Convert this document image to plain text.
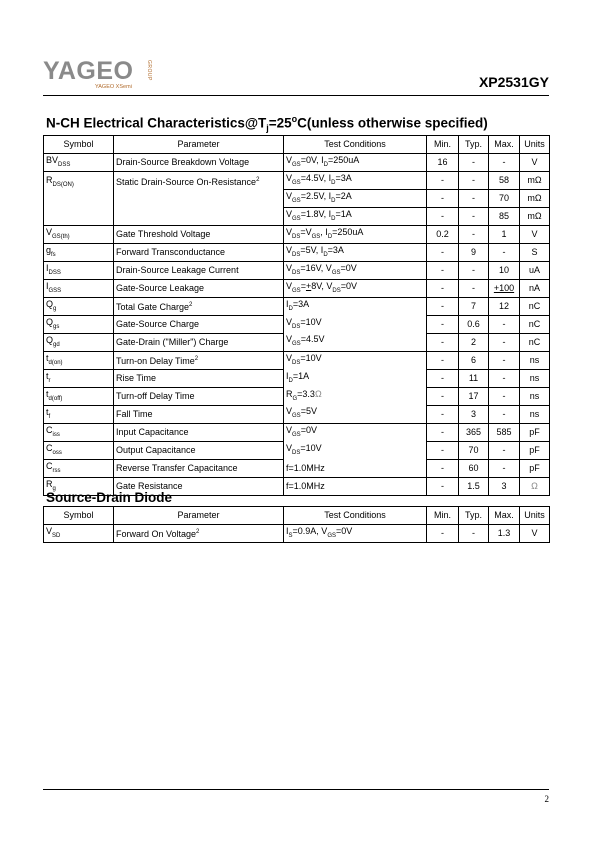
YAGEO GROUP
YAGEO XSemi	XP2531GY
N-CH Electrical $Characteristics@T_j=25^oC(unless$ otherwise specified)
Symbol	Parameter	Test Conditions	Min.	Typ.	Max.	Units
$BV_{DSS}$	Drain-Source Breakdown Voltage	$V_{GS}=0V$, $I_D=250uA$	16	-	-	V
$R_{DS(ON)}$	Static Drain-Source On-Resistance$^2$	$V_{GS}=4.5V$, $I_D=3A$	-	-	58	mΩ
		$V_{GS}=2.5V$, $I_D=2A$	-	-	70	mΩ
		$V_{GS}=1.8V$, $I_D=1A$	-	-	85	mΩ
$V_{GS(th)}$	Gate Threshold Voltage	$V_{DS}=V_{GS}$, $I_D=250uA$	0.2	-	1	V
$g_{fs}$	Forward Transconductance	$V_{DS}=5V$, $I_D=3A$	-	9	-	S
$I_{DSS}$	Drain-Source Leakage Current	$V_{DS}=16V$, $V_{GS}=0V$	-	-	10	uA
$I_{GSS}$	Gate-Source Leakage	$V_{GS}=+8V$, $V_{DS}=0V$	-	-	+100	nA
$Q_g$	Total Gate Charge$^2$	$I_D=3A$	-	7	12	nC
$Q_{gs}$	Gate-Source Charge	$V_{DS}=10V$	-	0.6	-	nC
$Q_{gd}$	Gate-Drain ("Miller") Charge	$V_{GS}=4.5V$	-	2	-	nC
$t_{d(on)}$	Turn-on Delay Time$^2$	$V_{DS}=10V$	-	6	-	ns
$t_r$	Rise Time	$I_D=1A$	-	11	-	ns
$t_{d(off)}$	Turn-off Delay Time	$R_G=3.3\Omega$	-	17	-	ns
$t_f$	Fall Time	$V_{GS}=5V$	-	3	-	ns
$C_{iss}$	Input Capacitance	$V_{GS}=0V$	-	365	585	pF
$C_{oss}$	Output Capacitance	$V_{DS}=10V$	-	70	-	pF
$C_{rss}$	Reverse Transfer Capacitance	f=1.0MHz	-	60	-	pF
$R_g$	Gate Resistance	f=1.0MHz	-	1.5	3	Ω
Source-Drain Diode
Symbol	Parameter	Test Conditions	Min.	Typ.	Max.	Units
$V_{SD}$	Forward On Voltage$^2$	$I_S=0.9A$, $V_{GS}=0V$	-	-	1.3	V
2
